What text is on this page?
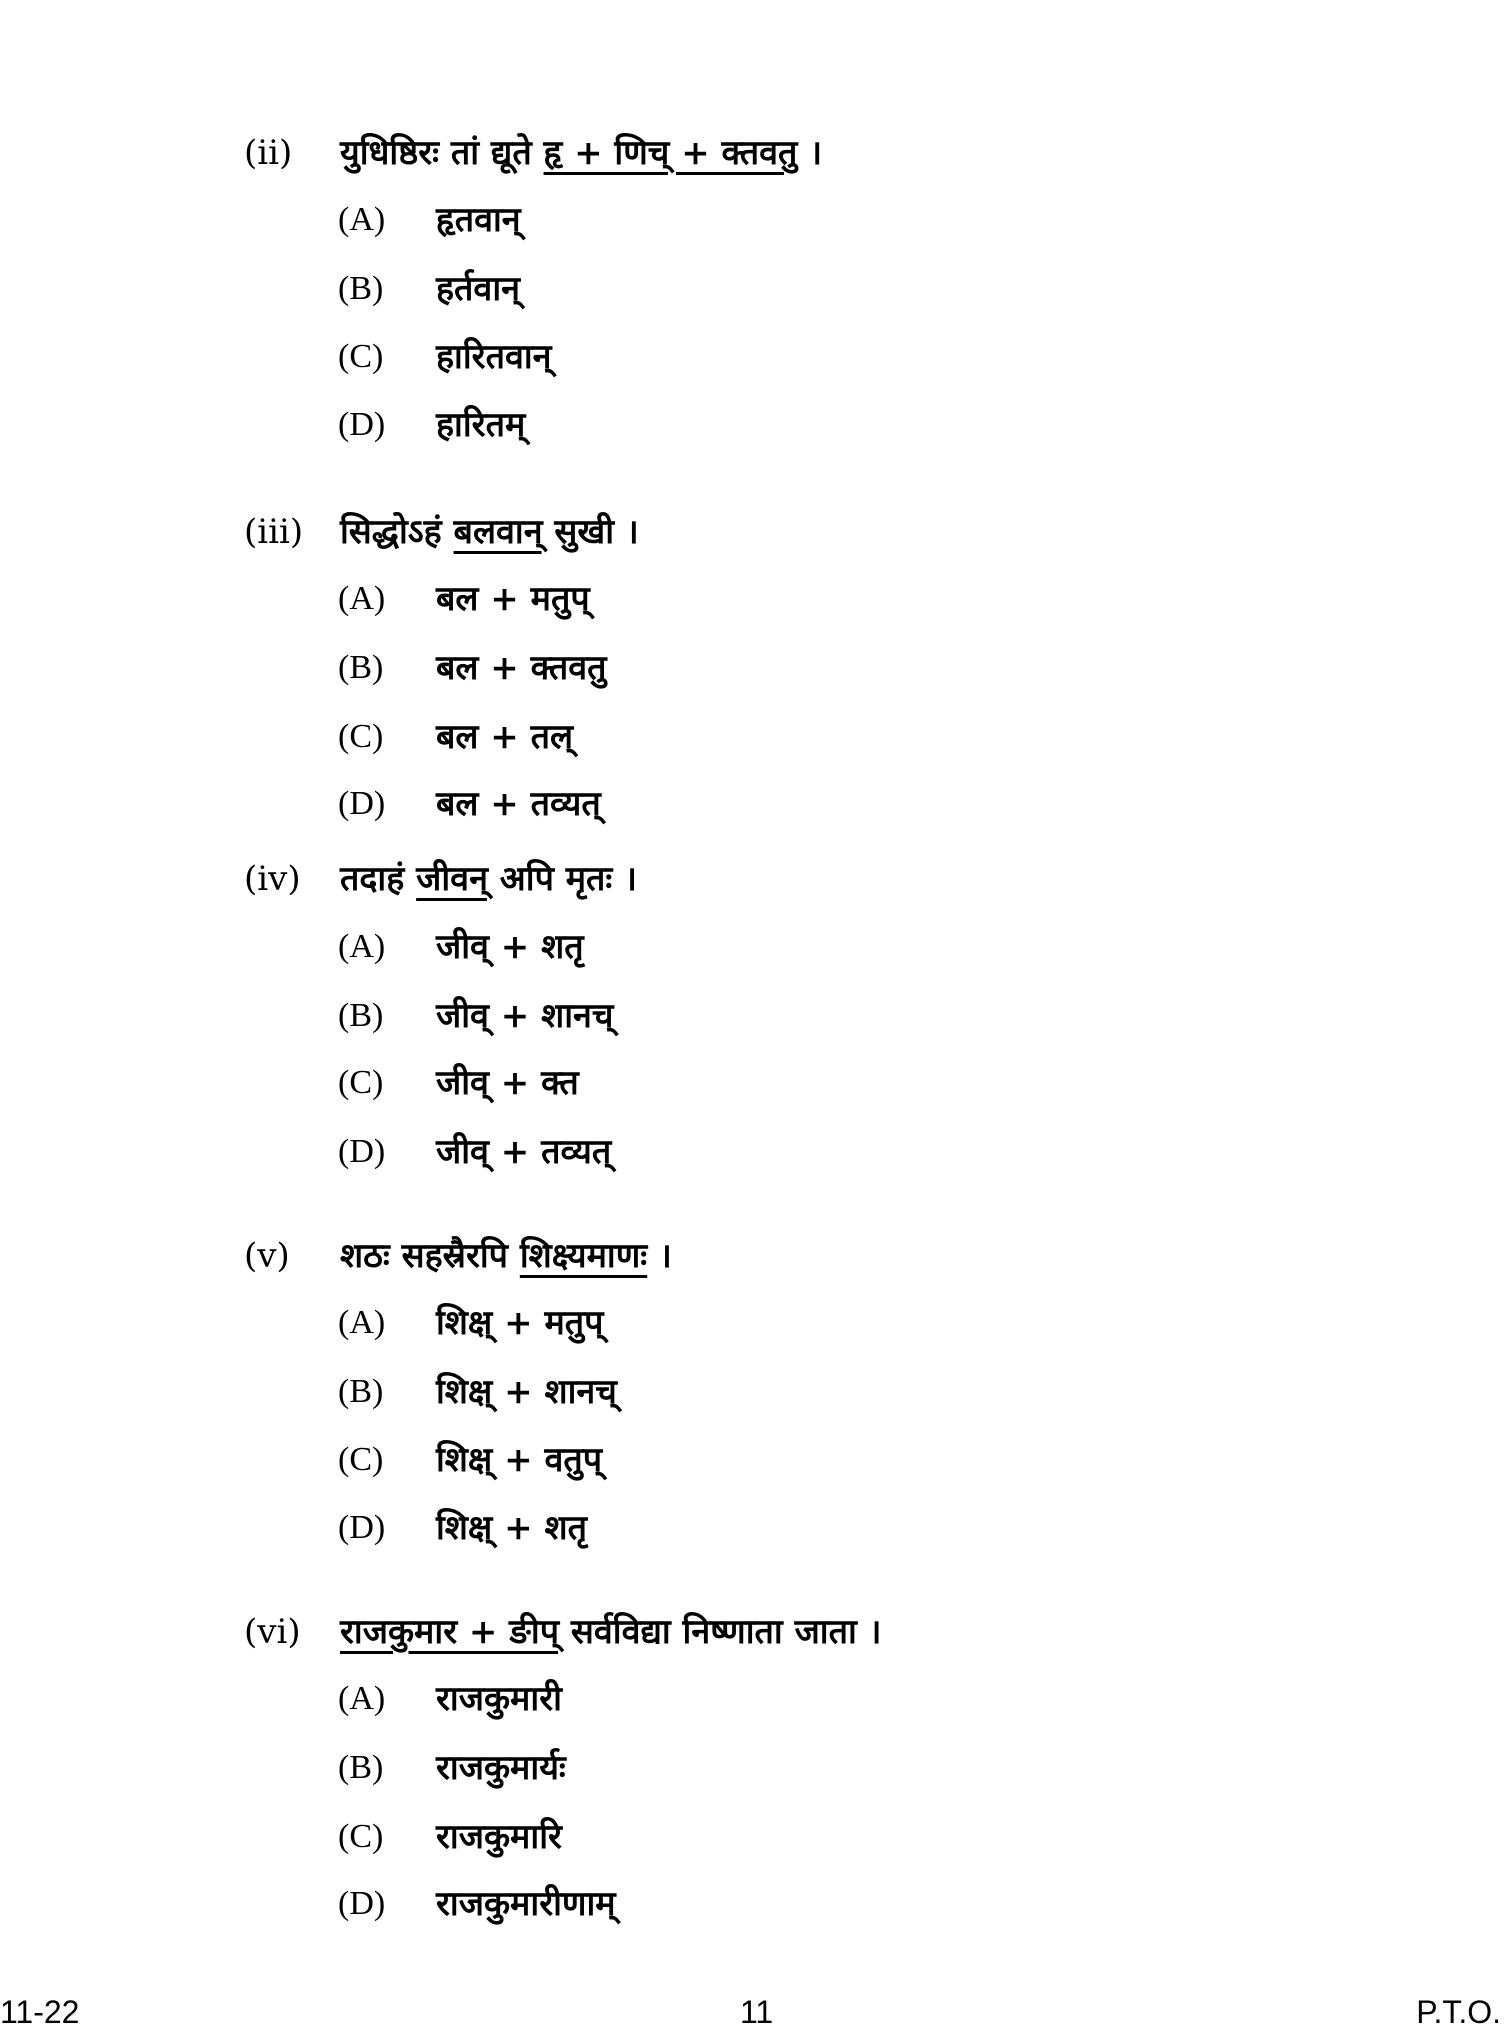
(ii) युधिष्ठिरः तां द्यूते हृ + णिच् + क्तवतु ।
(A) हृतवान्
(B) हर्तवान्
(C) हारितवान्
(D) हारितम्
(iii) सिद्धोऽहं बलवान् सुखी ।
(A) बल + मतुप्
(B) बल + क्तवतु
(C) बल + तल्
(D) बल + तव्यत्
(iv) तदाहं जीवन् अपि मृतः ।
(A) जीव् + शतृ
(B) जीव् + शानच्
(C) जीव् + क्त
(D) जीव् + तव्यत्
(v) शठः सहस्रैरपि शिक्ष्यमाणः ।
(A) शिक्ष् + मतुप्
(B) शिक्ष् + शानच्
(C) शिक्ष् + वतुप्
(D) शिक्ष् + शतृ
(vi) राजकुमार + ङीप् सर्वविद्या निष्णाता जाता ।
(A) राजकुमारी
(B) राजकुमार्यः
(C) राजकुमारि
(D) राजकुमारीणाम्
11-22	11	P.T.O.
